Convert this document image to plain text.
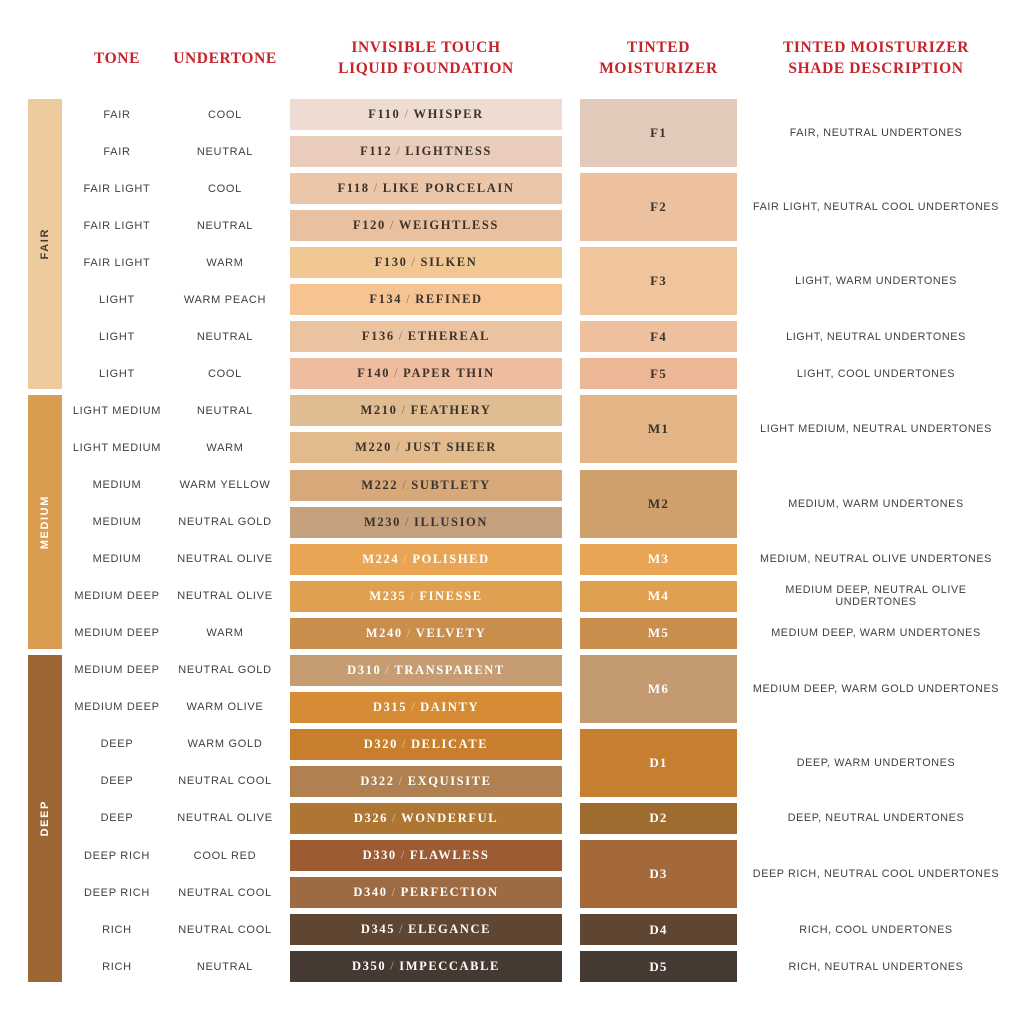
TONE UNDERTONE
INVISIBLE TOUCH
LIQUID FOUNDATION
TINTED
MOISTURIZER
TINTED MOISTURIZER
SHADE DESCRIPTION
FAIR
MEDIUM
DEEP
FAIR	COOL	F110 / WHISPER
FAIR	NEUTRAL	F112 / LIGHTNESS
FAIR LIGHT	COOL	F118 / LIKE PORCELAIN
FAIR LIGHT	NEUTRAL	F120 / WEIGHTLESS
FAIR LIGHT	WARM	F130 / SILKEN
LIGHT	WARM PEACH	F134 / REFINED
LIGHT	NEUTRAL	F136 / ETHEREAL
LIGHT	COOL	F140 / PAPER THIN
LIGHT MEDIUM	NEUTRAL	M210 / FEATHERY
LIGHT MEDIUM	WARM	M220 / JUST SHEER
MEDIUM	WARM YELLOW	M222 / SUBTLETY
MEDIUM	NEUTRAL GOLD	M230 / ILLUSION
MEDIUM	NEUTRAL OLIVE	M224 / POLISHED
MEDIUM DEEP	NEUTRAL OLIVE	M235 / FINESSE
MEDIUM DEEP	WARM	M240 / VELVETY
MEDIUM DEEP	NEUTRAL GOLD	D310 / TRANSPARENT
MEDIUM DEEP	WARM OLIVE	D315 / DAINTY
DEEP	WARM GOLD	D320 / DELICATE
DEEP	NEUTRAL COOL	D322 / EXQUISITE
DEEP	NEUTRAL OLIVE	D326 / WONDERFUL
DEEP RICH	COOL RED	D330 / FLAWLESS
DEEP RICH	NEUTRAL COOL	D340 / PERFECTION
RICH	NEUTRAL COOL	D345 / ELEGANCE
RICH	NEUTRAL	D350 / IMPECCABLE
F1	FAIR, NEUTRAL UNDERTONES
F2	FAIR LIGHT, NEUTRAL COOL UNDERTONES
F3	LIGHT, WARM UNDERTONES
F4	LIGHT, NEUTRAL UNDERTONES
F5	LIGHT, COOL UNDERTONES
M1	LIGHT MEDIUM, NEUTRAL UNDERTONES
M2	MEDIUM, WARM UNDERTONES
M3	MEDIUM, NEUTRAL OLIVE UNDERTONES
M4	MEDIUM DEEP, NEUTRAL OLIVE UNDERTONES
M5	MEDIUM DEEP, WARM UNDERTONES
M6	MEDIUM DEEP, WARM GOLD UNDERTONES
D1	DEEP, WARM UNDERTONES
D2	DEEP, NEUTRAL UNDERTONES
D3	DEEP RICH, NEUTRAL COOL UNDERTONES
D4	RICH, COOL UNDERTONES
D5	RICH, NEUTRAL UNDERTONES
